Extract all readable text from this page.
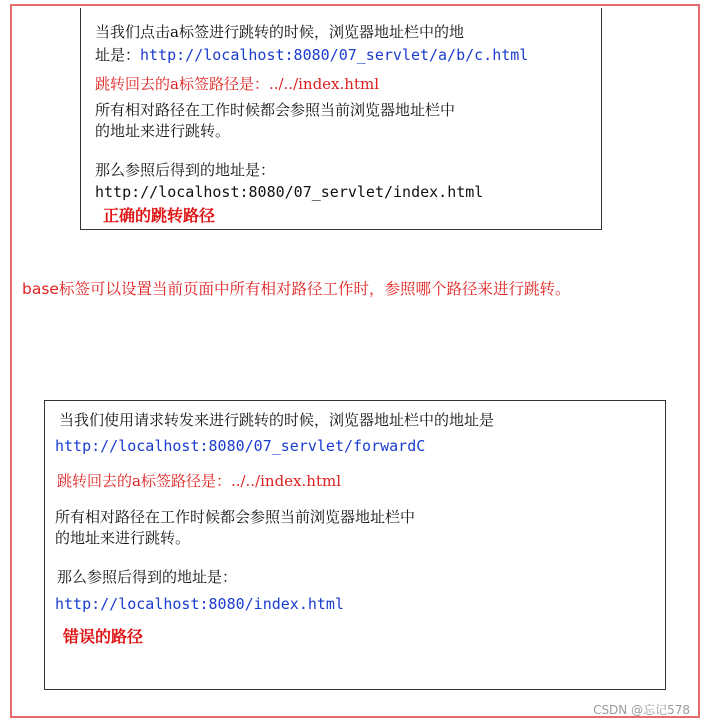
当我们点击a标签进行跳转的时候，浏览器地址栏中的地
址是：http://localhost:8080/07_servlet/a/b/c.html
跳转回去的a标签路径是：../../index.html
所有相对路径在工作时候都会参照当前浏览器地址栏中
的地址来进行跳转。
那么参照后得到的地址是：
http://localhost:8080/07_servlet/index.html
正确的跳转路径
base标签可以设置当前页面中所有相对路径工作时，参照哪个路径来进行跳转。
当我们使用请求转发来进行跳转的时候，浏览器地址栏中的地址是
http://localhost:8080/07_servlet/forwardC
跳转回去的a标签路径是：../../index.html
所有相对路径在工作时候都会参照当前浏览器地址栏中
的地址来进行跳转。
那么参照后得到的地址是：
http://localhost:8080/index.html
错误的路径
CSDN @忘记578
